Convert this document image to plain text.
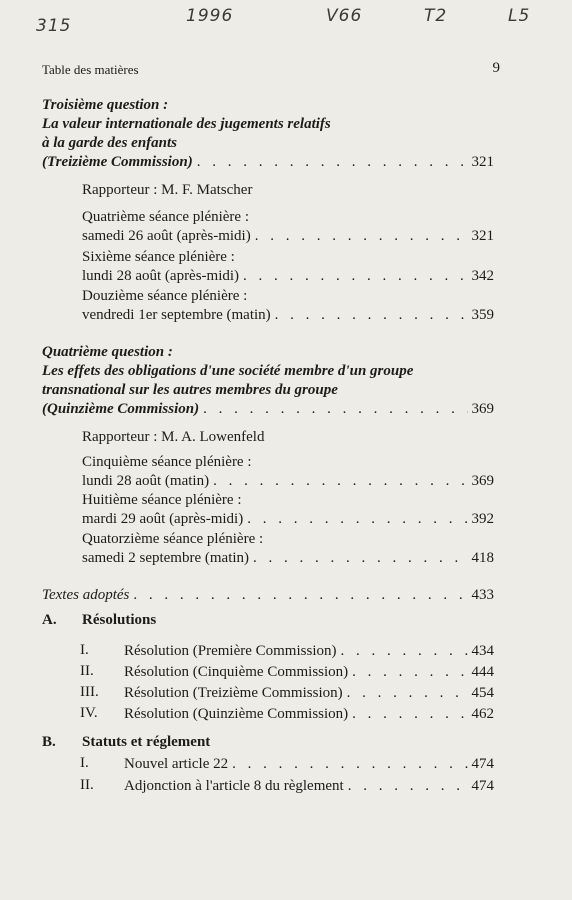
315	1996	V66	T2	L5
Table des matières	9
Troisième question :
La valeur internationale des jugements relatifs
à la garde des enfants
(Treizième Commission) . . .	321
Rapporteur : M. F. Matscher
Quatrième séance plénière :
samedi 26 août (après-midi) . . .	321
Sixième séance plénière :
lundi 28 août (après-midi) . . .	342
Douzième séance plénière :
vendredi 1er septembre (matin) . . .	359
Quatrième question :
Les effets des obligations d'une société membre d'un groupe
transnational sur les autres membres du groupe
(Quinzième Commission) . . .	369
Rapporteur : M. A. Lowenfeld
Cinquième séance plénière :
lundi 28 août (matin) . . .	369
Huitième séance plénière :
mardi 29 août (après-midi) . . .	392
Quatorzième séance plénière :
samedi 2 septembre (matin) . . .	418
Textes adoptés . . .	433
A. Résolutions
I. Résolution (Première Commission) . . .	434
II. Résolution (Cinquième Commission) . . .	444
III. Résolution (Treizième Commission) . . .	454
IV. Résolution (Quinzième Commission) . . .	462
B. Statuts et réglement
I. Nouvel article 22 . . .	474
II. Adjonction à l'article 8 du règlement . . .	474
